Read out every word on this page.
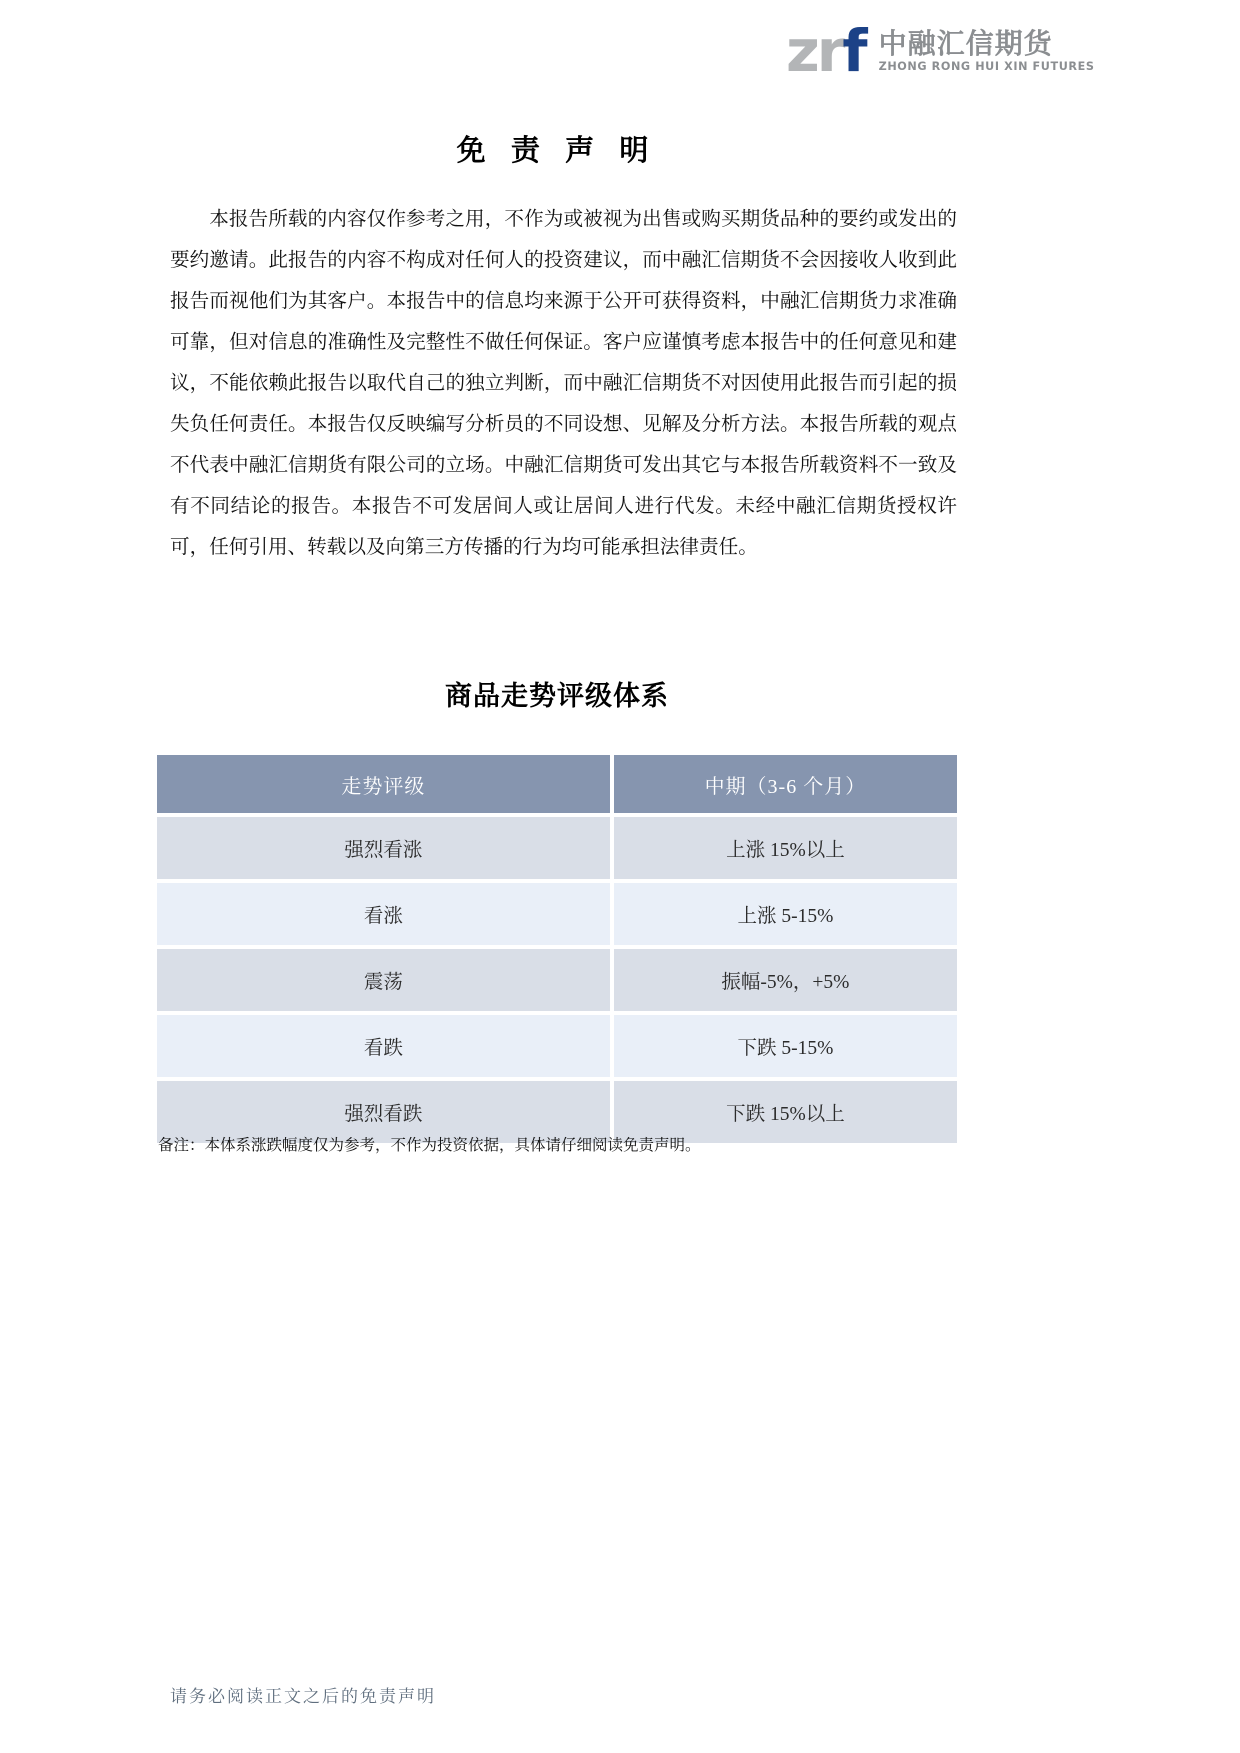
zrf 中融汇信期货
ZHONG RONG HUI XIN FUTURES
免 责 声 明

本报告所载的内容仅作参考之用，不作为或被视为出售或购买期货品种的要约或发出的要约邀请。此报告的内容不构成对任何人的投资建议，而中融汇信期货不会因接收人收到此报告而视他们为其客户。本报告中的信息均来源于公开可获得资料，中融汇信期货力求准确可靠，但对信息的准确性及完整性不做任何保证。客户应谨慎考虑本报告中的任何意见和建议，不能依赖此报告以取代自己的独立判断，而中融汇信期货不对因使用此报告而引起的损失负任何责任。本报告仅反映编写分析员的不同设想、见解及分析方法。本报告所载的观点不代表中融汇信期货有限公司的立场。中融汇信期货可发出其它与本报告所载资料不一致及有不同结论的报告。本报告不可发居间人或让居间人进行代发。未经中融汇信期货授权许可，任何引用、转载以及向第三方传播的行为均可能承担法律责任。

商品走势评级体系
走势评级	中期（3-6 个月）
强烈看涨	上涨 15%以上
看涨	上涨 5-15%
震荡	振幅-5%，+5%
看跌	下跌 5-15%
强烈看跌	下跌 15%以上
备注：本体系涨跌幅度仅为参考，不作为投资依据，具体请仔细阅读免责声明。
请务必阅读正文之后的免责声明
